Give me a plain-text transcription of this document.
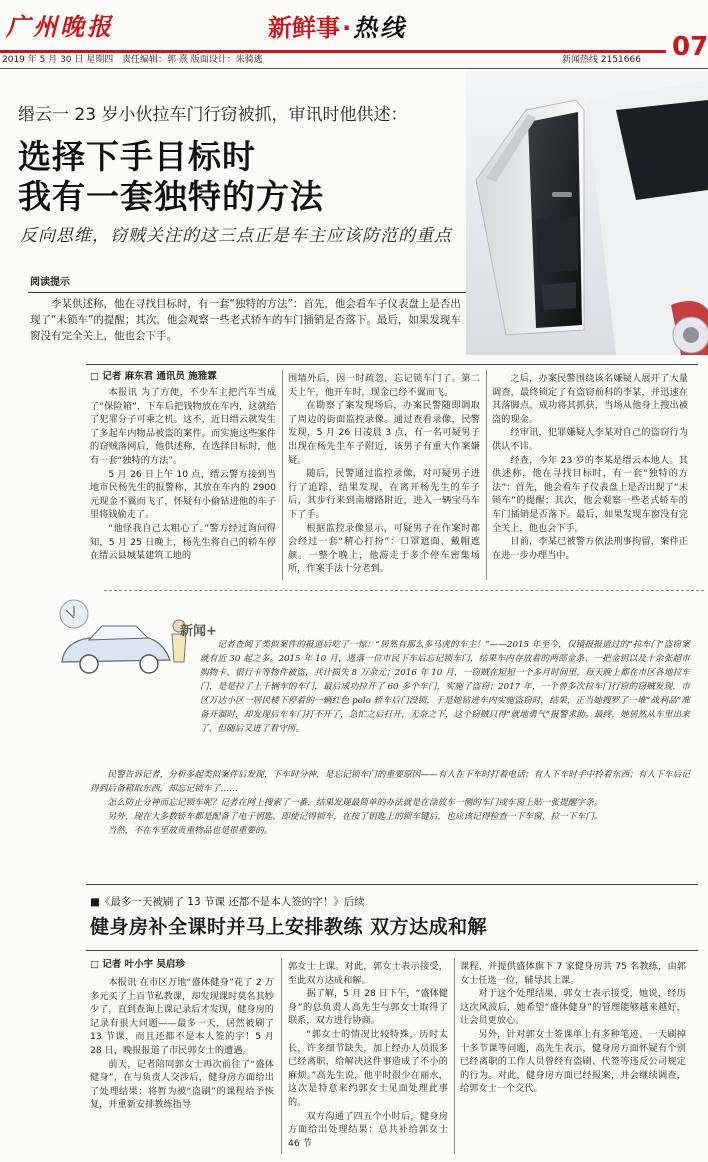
广州晚报	新鲜事·热线
07
2019 年 5 月 30 日 星期四 责任编辑：郭 熹 版面设计：朱骑逃	新闻热线 2151666
缗云一 23 岁小伙拉车门行窃被抓，审讯时他供述：
选择下手目标时
我有一套独特的方法
反向思维，窃贼关注的这三点正是车主应该防范的重点
阅读提示
李某供述称，他在寻找目标时，有一套“独特的方法”：首先，他会看车子仪表盘上是否出现了“未锁车”的提醒；其次，他会观察一些老式轿车的车门插销是否落下。最后，如果发现车窗没有完全关上，他也会下手。
□ 记者 麻东君 通讯员 施雅霖

本报讯 为了方便，不少车主把汽车当成了“保险箱”，下车后把钱物放在车内，这就给了犯罪分子可乘之机。这不，近日缙云就发生了多起车内物品被盗的案件。而实施这些案件的窃贼落网后，他供述称，在选择目标时，他有一套“独特的方法”。

5 月 26 日上午 10 点，缙云警方接到当地市民杨先生的报警称，其放在车内的 2900 元现金不翼而飞了，怀疑有小偷钻进他的车子里将钱偷走了。

“他怪我自己太粗心了。”警方经过询问得知，5 月 25 日晚上，杨先生将自己的轿车停在缙云县城某建筑工地的

围墙外后，因一时疏忽，忘记锁车门了。第二天上午，他开车时，现金已经不翼而飞。

在勘察了案发现场后，办案民警随即调取了周边的街面监控录像。通过查看录像，民警发现，5 月 26 日凌晨 3 点，有一名可疑男子出现在杨先生车子附近，该男子有重大作案嫌疑。

随后，民警通过监控录像，对可疑男子进行了追踪，结果发现，在离开杨先生的车子后，其步行来到南塘路附近，进入一辆宝马车下了手。

根据监控录像显示，可疑男子在作案时都会经过一套“精心打扮”：口罩遮面、戴帽遮颜。一整个晚上，他游走于多个停车密集场所，作案手法十分老到。

之后，办案民警围绕该名嫌疑人展开了大量调查，最终锁定了有盗窃前科的李某，并迅速在其落脚点，成功将其抓获，当场从他身上搜出被盗的现金。

经审讯，犯罪嫌疑人李某对自己的盗窃行为供认不讳。

经查，今年 23 岁的李某是缙云本地人。其供述称，他在寻找目标时，有一套“独特的方法”：首先，他会看车子仪表盘上是否出现了“未锁车”的提醒；其次，他会观察一些老式轿车的车门插销是否落下。最后，如果发现车窗没有完全关上，他也会下手。

目前，李某已被警方依法刑事拘留，案件正在进一步办理当中。

新闻+

记者查阅了类似案件的报道后吃了一惊：“居然有那么多马虎的车主！”——2015 年至今，仅镜报报道过的“拉车门”盗窃案就有近 30 起之多。2015 年 10 月，逃落一位市民下车后忘记锁车门，结果车内存放着的两部金条、一把金钥以及十余张超市购物卡、银行卡等物件被盗，共计损失 8 万余元；2016 年 10 月，一窃贼在短短一个多月时间里，每天晚上都在市区各地拉车门，是是拉了上千辆车的车门，最后成功拉开了 60 多个车门，实施了盗窃；2017 年，一个曾多次拉车门行窃的窃贼发现，市区万达小区一居民楼下停着的一辆红色 polo 轿车后门没锁，于是她钻进车内实施盗窃时，结果，正当她搜罗了一堆“战利品”准备开溜时，却发现后车车门打不开了，急忙之后打开，无奈之下，这个窃贼只得“就地勇气”报警求助。最终，她居然从车里出来了，但随后又进了看守所。

民警告诉记者，分析多起类似案件后发现，下车时分神，是忘记锁车门的重要原因——有人在下车时打着电话；有人下车时手中拎着东西；有人下车后记得到后备箱取东西，却忘记锁车了……

怎么防止分神而忘记锁车呢？记者在网上搜索了一番，结果发现最简单的办法就是在涂放车一侧的车门或车窗上贴一张提醒字条。

另外，现在大多数轿车都是配备了电子钥匙，即使记得锁车，在按了钥匙上的锁车键后，也应该记得检查一下车窗、拉一下车门。

当然，不在车里放贵重物品也是很重要的。

■《最多一天被刷了 13 节课 还都不是本人签的字！》后续
健身房补全课时并马上安排教练 双方达成和解
□ 记者 叶小宇 吴启珍

本报讯 在市区万地“盛体健身”花了 2 万多元买了上百节私教课，却发现课时莫名其妙少了，直到查询上课记录后才发现，健身房的记录有很大问题——最多一天，居然被刷了 13 节课，而且还都不是本人签的字！5 月 28 日，晚报报道了市民郭女士的遭遇。

前天，记者陪同郭女士再次前往了“盛体健身”，在与负责人交涉后，健身房方面给出了处理结果：将暂为被“盗刷”的课程给予恢复，并重新安排教练指导

郭女士上课。对此，郭女士表示接受，至此双方达成和解。

据了解，5 月 28 日下午，“盛体健身”的总负责人高先生与郭女士取得了联系，双方进行协商。

“郭女士的情况比较特殊，历时太长，许多细节缺失，加上经办人员很多已经离职，给解决这件事造成了不小的麻烦。”高先生说，他平时很少在丽水，这次是特意来约郭女士见面处理此事的。

双方沟通了四五个小时后，健身房方面给出处理结果：总共补给郭女士 46 节

课程，并提供盛体旗下 7 家健身房共 75 名教练，由郭女士任选一位，辅导其上课。

对于这个处理结果，郭女士表示接受，她说，经历这次风波后，她希望“盛体健身”的管理能够越来越好，让会员更放心。

另外，针对郭女士签课单上有多种笔迹、一天刷掉十多节课等问题，高先生表示，健身房方面怀疑有个别已经离职的工作人员曾经有盗刷、代签等违反公司规定的行为。对此，健身房方面已经报案，并会继续调查，给郭女士一个交代。
